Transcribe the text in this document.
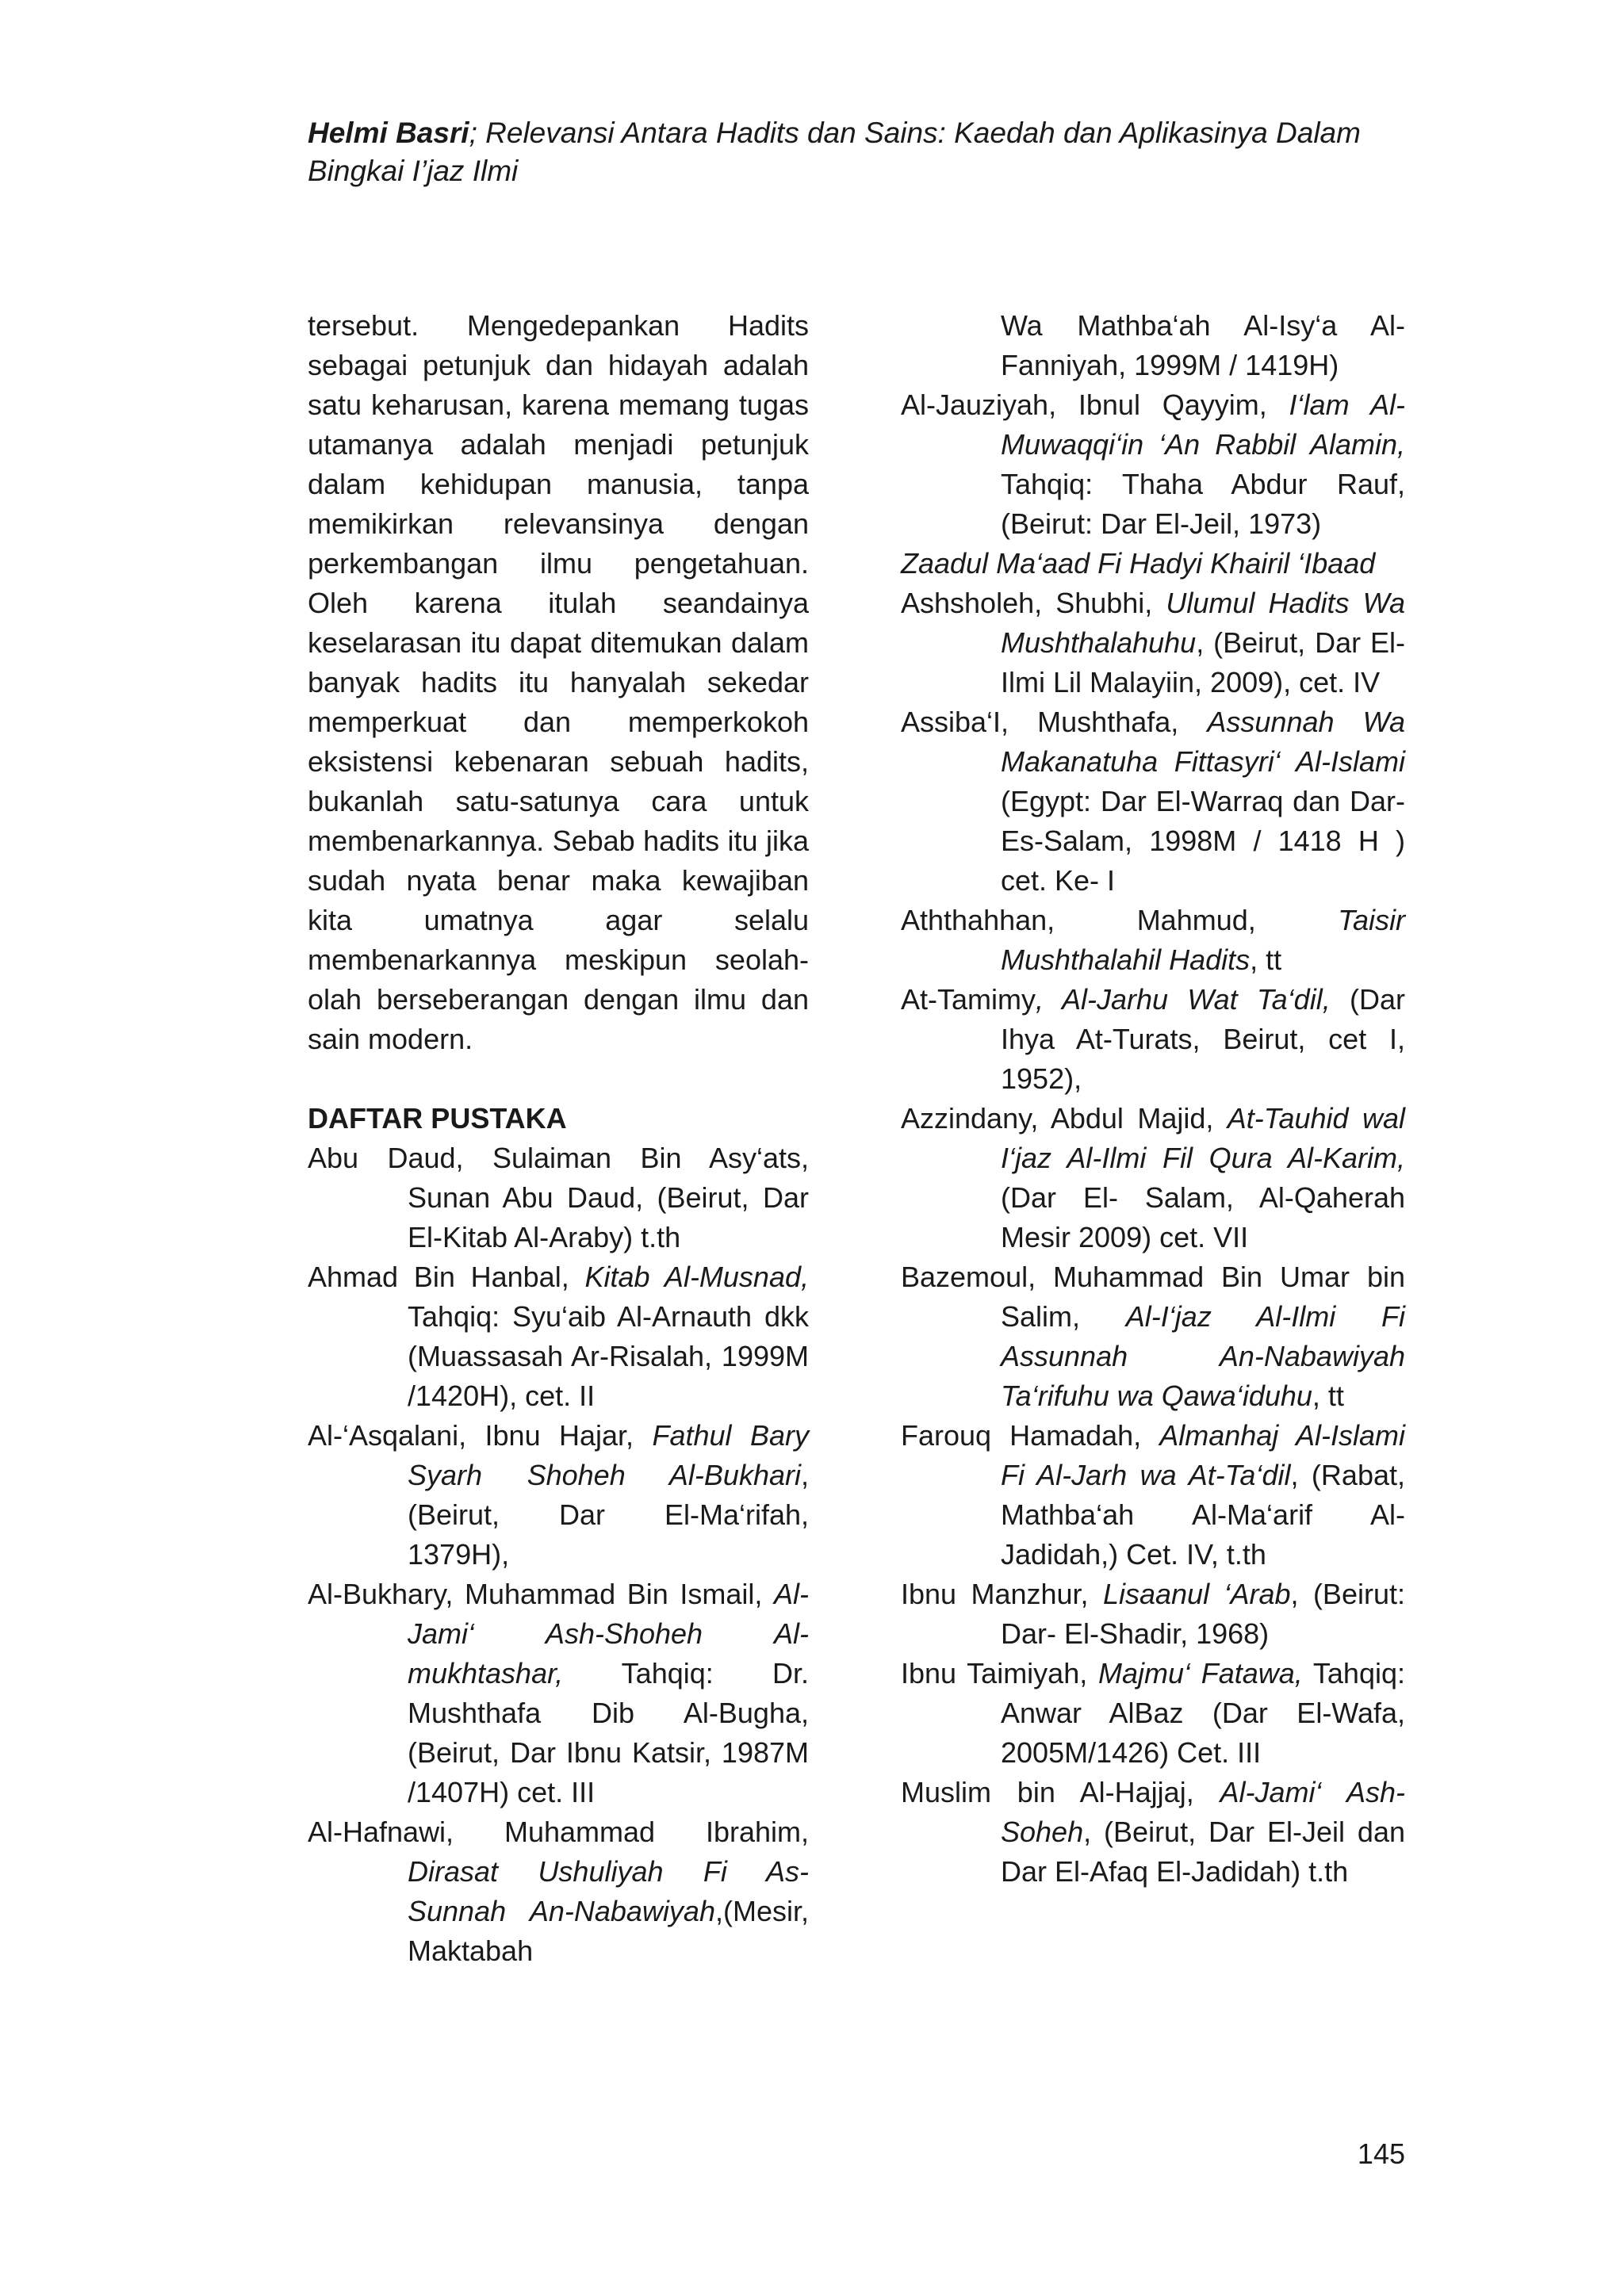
Helmi Basri; Relevansi Antara Hadits dan Sains: Kaedah dan Aplikasinya Dalam Bingkai I’jaz Ilmi
tersebut. Mengedepankan Hadits sebagai petunjuk dan hidayah adalah satu keharusan, karena memang tugas utamanya adalah menjadi petunjuk dalam kehidupan manusia, tanpa memikirkan relevansinya dengan perkembangan ilmu pengetahuan. Oleh karena itulah seandainya keselarasan itu dapat ditemukan dalam banyak hadits itu hanyalah sekedar memperkuat dan memperkokoh eksistensi kebenaran sebuah hadits, bukanlah satu-satunya cara untuk membenarkannya. Sebab hadits itu jika sudah nyata benar maka kewajiban kita umatnya agar selalu membenarkannya meskipun seolah-olah berseberangan dengan ilmu dan sain modern.
DAFTAR PUSTAKA
Abu Daud, Sulaiman Bin Asy‘ats, Sunan Abu Daud, (Beirut, Dar El-Kitab Al-Araby) t.th
Ahmad Bin Hanbal, Kitab Al-Musnad, Tahqiq: Syu‘aib Al-Arnauth dkk (Muassasah Ar-Risalah, 1999M /1420H), cet. II
Al-‘Asqalani, Ibnu Hajar, Fathul Bary Syarh Shoheh Al-Bukhari, (Beirut, Dar El-Ma‘rifah, 1379H),
Al-Bukhary, Muhammad Bin Ismail, Al-Jami‘ Ash-Shoheh Al-mukhtashar, Tahqiq: Dr. Mushthafa Dib Al-Bugha, (Beirut, Dar Ibnu Katsir, 1987M /1407H) cet. III
Al-Hafnawi, Muhammad Ibrahim, Dirasat Ushuliyah Fi As-Sunnah An-Nabawiyah,(Mesir, Maktabah
Wa Mathba‘ah Al-Isy‘a Al-Fanniyah, 1999M / 1419H)
Al-Jauziyah, Ibnul Qayyim, I‘lam Al-Muwaqqi‘in ‘An Rabbil Alamin, Tahqiq: Thaha Abdur Rauf, (Beirut: Dar El-Jeil, 1973)
Zaadul Ma‘aad Fi Hadyi Khairil ‘Ibaad
Ashsholeh, Shubhi, Ulumul Hadits Wa Mushthalahuhu, (Beirut, Dar El-Ilmi Lil Malayiin, 2009), cet. IV
Assiba‘I, Mushthafa, Assunnah Wa Makanatuha Fittasyri‘ Al-Islami (Egypt: Dar El-Warraq dan Dar- Es-Salam, 1998M / 1418 H ) cet. Ke- I
Aththahhan, Mahmud, Taisir Mushthalahil Hadits, tt
At-Tamimy, Al-Jarhu Wat Ta‘dil, (Dar Ihya At-Turats, Beirut, cet I, 1952),
Azzindany, Abdul Majid, At-Tauhid wal I‘jaz Al-Ilmi Fil Qura Al-Karim, (Dar El- Salam, Al-Qaherah Mesir 2009) cet. VII
Bazemoul, Muhammad Bin Umar bin Salim, Al-I‘jaz Al-Ilmi Fi Assunnah An-Nabawiyah Ta‘rifuhu wa Qawa‘iduhu, tt
Farouq Hamadah, Almanhaj Al-Islami Fi Al-Jarh wa At-Ta‘dil, (Rabat, Mathba‘ah Al-Ma‘arif Al-Jadidah,) Cet. IV, t.th
Ibnu Manzhur, Lisaanul ‘Arab, (Beirut: Dar- El-Shadir, 1968)
Ibnu Taimiyah, Majmu‘ Fatawa, Tahqiq: Anwar AlBaz (Dar El-Wafa, 2005M/1426) Cet. III
Muslim bin Al-Hajjaj, Al-Jami‘ Ash-Soheh, (Beirut, Dar El-Jeil dan Dar El-Afaq El-Jadidah) t.th
145
